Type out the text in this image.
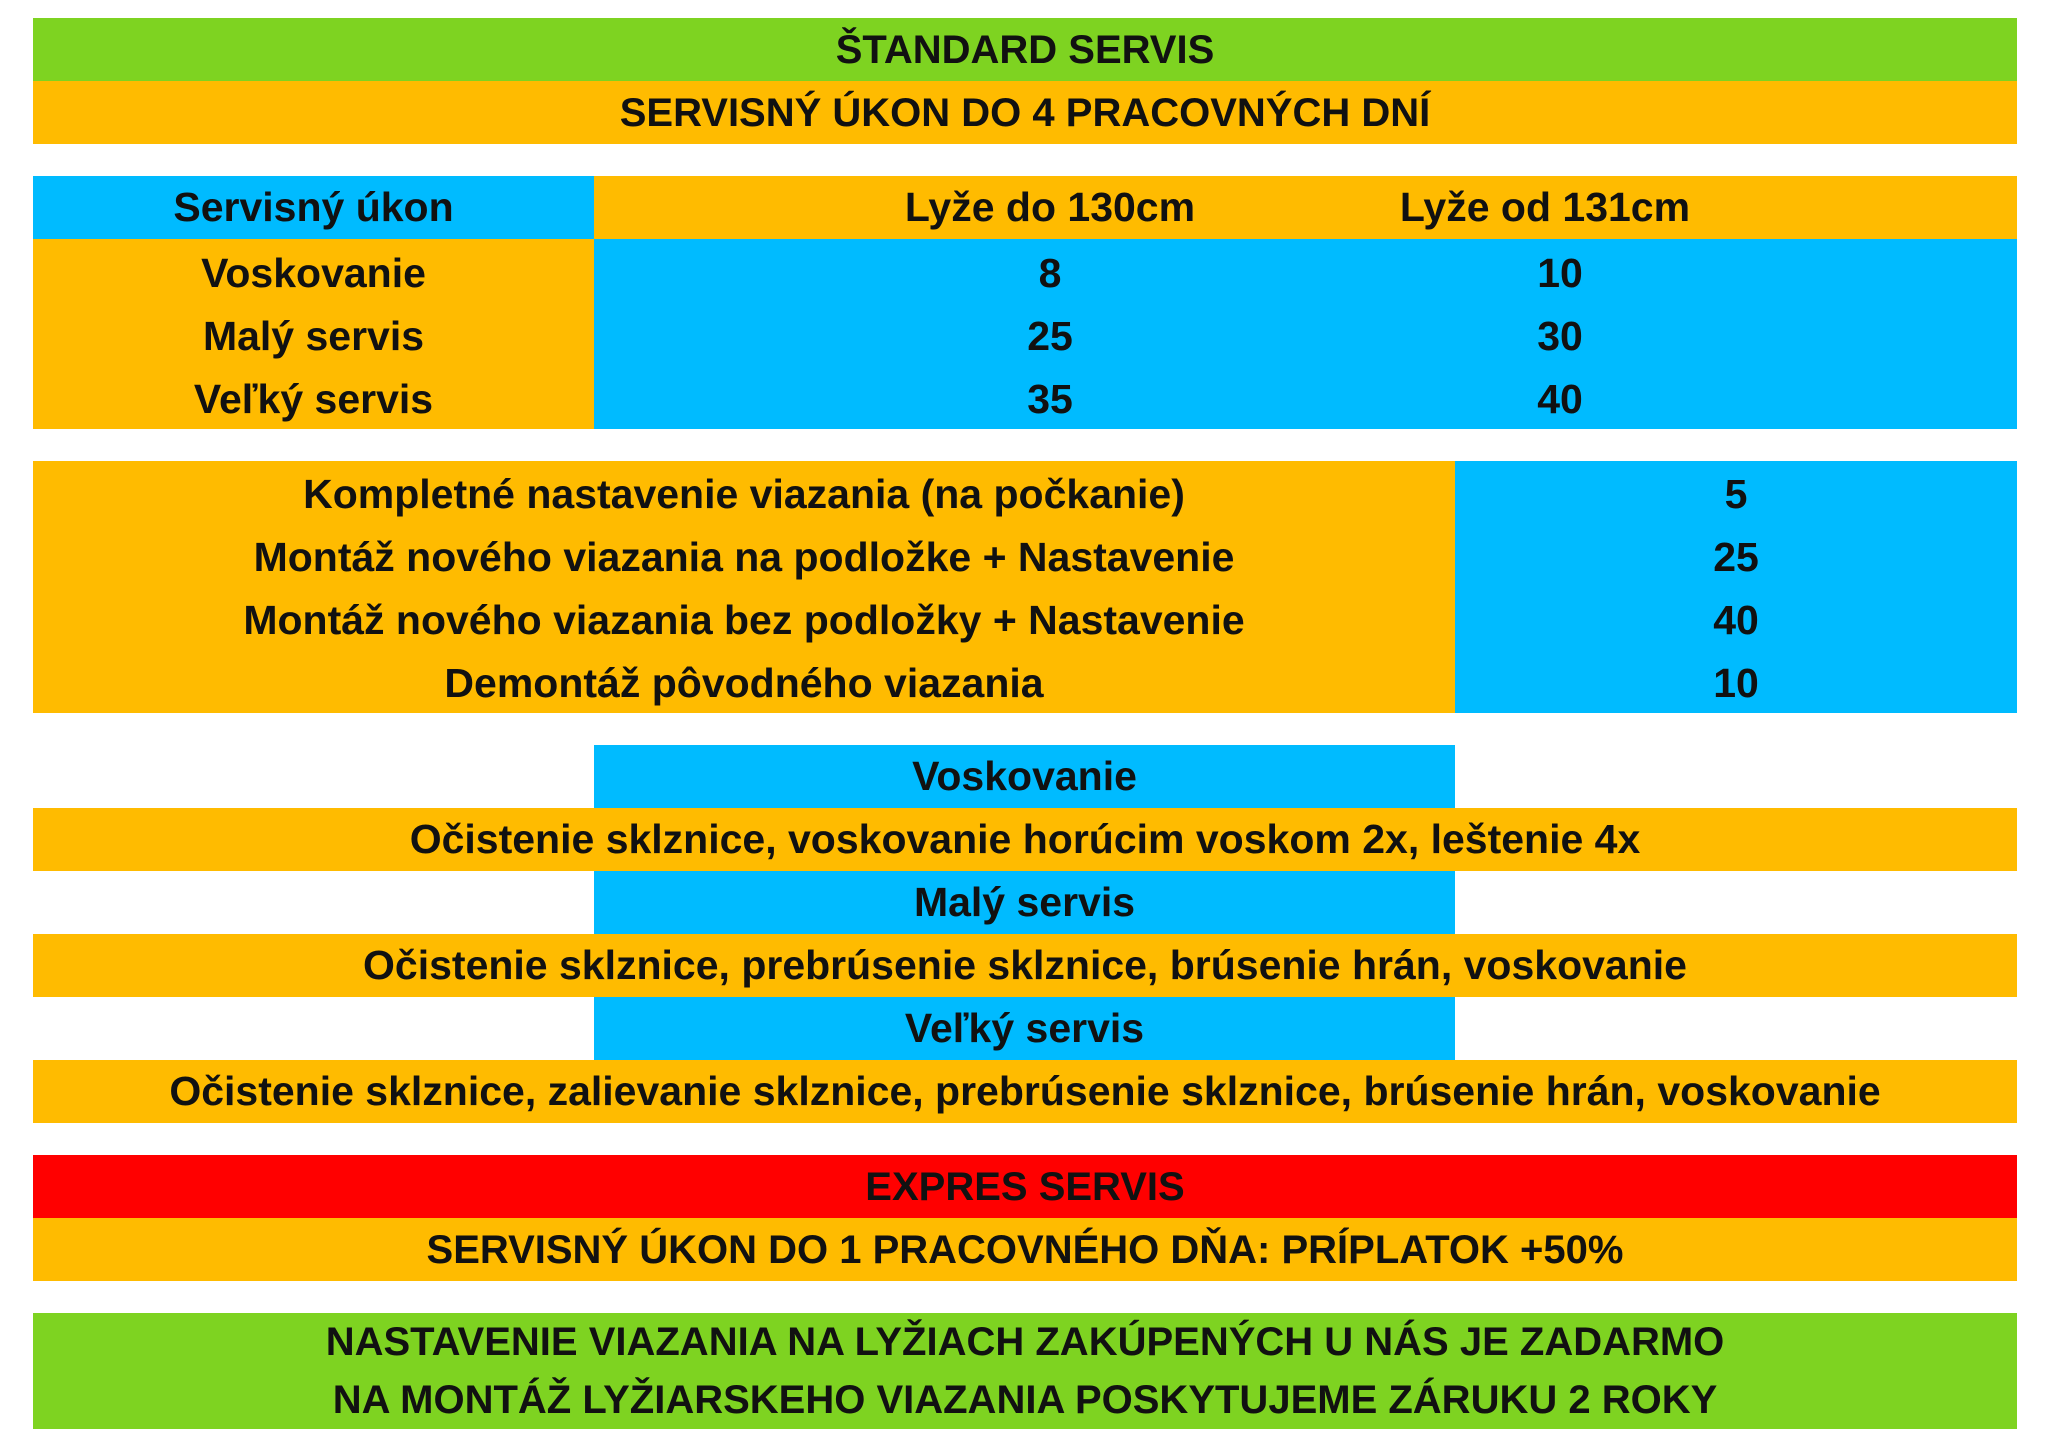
ŠTANDARD SERVIS
SERVISNÝ ÚKON DO 4 PRACOVNÝCH DNÍ
Servisný úkon	Lyže do 130cm	Lyže od 131cm
Voskovanie	8	10
Malý servis	25	30
Veľký servis	35	40
Kompletné nastavenie viazania (na počkanie)	5
Montáž nového viazania na podložke + Nastavenie	25
Montáž nového viazania bez podložky + Nastavenie	40
Demontáž pôvodného viazania	10
Voskovanie
Očistenie sklznice, voskovanie horúcim voskom 2x, leštenie 4x
Malý servis
Očistenie sklznice, prebrúsenie sklznice, brúsenie hrán, voskovanie
Veľký servis
Očistenie sklznice, zalievanie sklznice, prebrúsenie sklznice, brúsenie hrán, voskovanie
EXPRES SERVIS
SERVISNÝ ÚKON DO 1 PRACOVNÉHO DŇA: PRÍPLATOK +50%
NASTAVENIE VIAZANIA NA LYŽIACH ZAKÚPENÝCH U NÁS JE ZADARMO
NA MONTÁŽ LYŽIARSKEHO VIAZANIA POSKYTUJEME ZÁRUKU 2 ROKY
